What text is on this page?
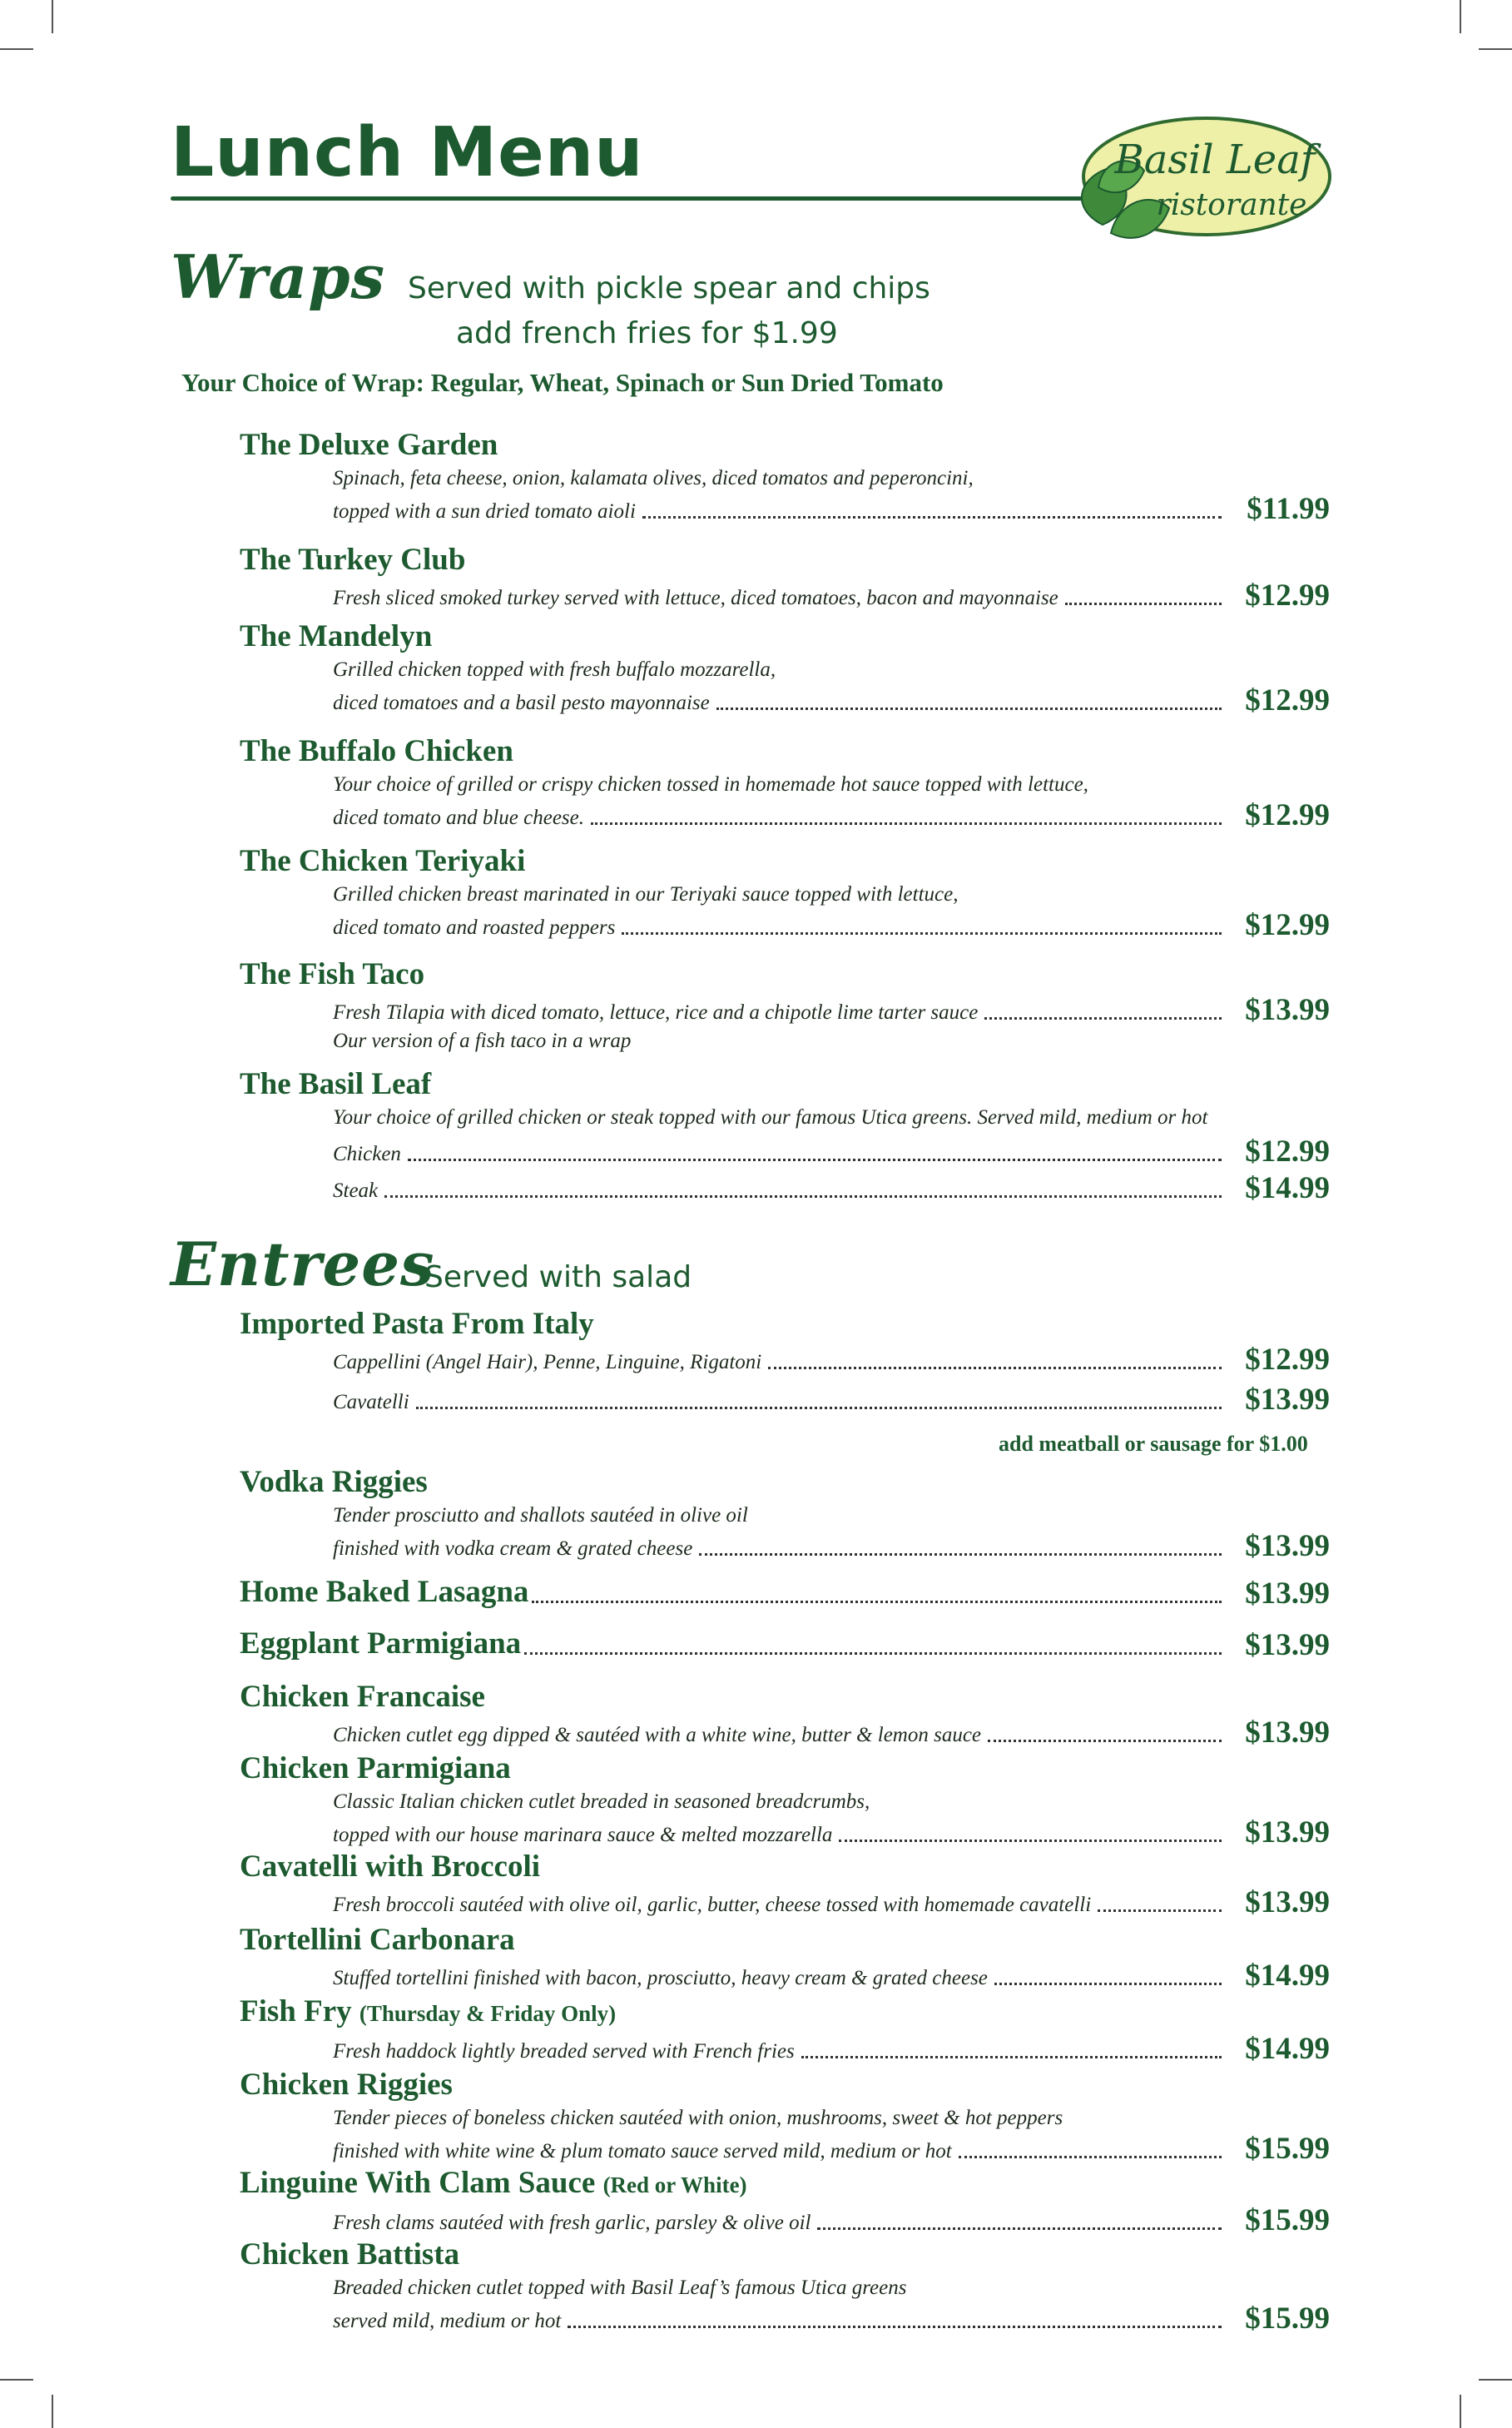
Lunch Menu	Basil Leaf
ristorante
Wraps Served with pickle spear and chips
add french fries for $1.99
Your Choice of Wrap: Regular, Wheat, Spinach or Sun Dried Tomato
The Deluxe Garden
Spinach, feta cheese, onion, kalamata olives, diced tomatos and peperoncini,
topped with a sun dried tomato aioli	$11.99
The Turkey Club
Fresh sliced smoked turkey served with lettuce, diced tomatoes, bacon and mayonnaise	$12.99
The Mandelyn
Grilled chicken topped with fresh buffalo mozzarella,
diced tomatoes and a basil pesto mayonnaise	$12.99
The Buffalo Chicken
Your choice of grilled or crispy chicken tossed in homemade hot sauce topped with lettuce,
diced tomato and blue cheese.	$12.99
The Chicken Teriyaki
Grilled chicken breast marinated in our Teriyaki sauce topped with lettuce,
diced tomato and roasted peppers	$12.99
The Fish Taco
Fresh Tilapia with diced tomato, lettuce, rice and a chipotle lime tarter sauce	$13.99
Our version of a fish taco in a wrap
The Basil Leaf
Your choice of grilled chicken or steak topped with our famous Utica greens. Served mild, medium or hot
Chicken	$12.99
Steak	$14.99
Entrees
Served with salad
Imported Pasta From Italy
Cappellini (Angel Hair), Penne, Linguine, Rigatoni	$12.99
Cavatelli	$13.99
add meatball or sausage for $1.00
Vodka Riggies
Tender prosciutto and shallots sautéed in olive oil
finished with vodka cream & grated cheese	$13.99
Home Baked Lasagna	$13.99
Eggplant Parmigiana	$13.99
Chicken Francaise
Chicken cutlet egg dipped & sautéed with a white wine, butter & lemon sauce	$13.99
Chicken Parmigiana
Classic Italian chicken cutlet breaded in seasoned breadcrumbs,
topped with our house marinara sauce & melted mozzarella	$13.99
Cavatelli with Broccoli
Fresh broccoli sautéed with olive oil, garlic, butter, cheese tossed with homemade cavatelli	$13.99
Tortellini Carbonara
Stuffed tortellini finished with bacon, prosciutto, heavy cream & grated cheese	$14.99
Fish Fry (Thursday & Friday Only)
Fresh haddock lightly breaded served with French fries	$14.99
Chicken Riggies
Tender pieces of boneless chicken sautéed with onion, mushrooms, sweet & hot peppers
finished with white wine & plum tomato sauce served mild, medium or hot	$15.99
Linguine With Clam Sauce (Red or White)
Fresh clams sautéed with fresh garlic, parsley & olive oil	$15.99
Chicken Battista
Breaded chicken cutlet topped with Basil Leaf’s famous Utica greens
served mild, medium or hot	$15.99
